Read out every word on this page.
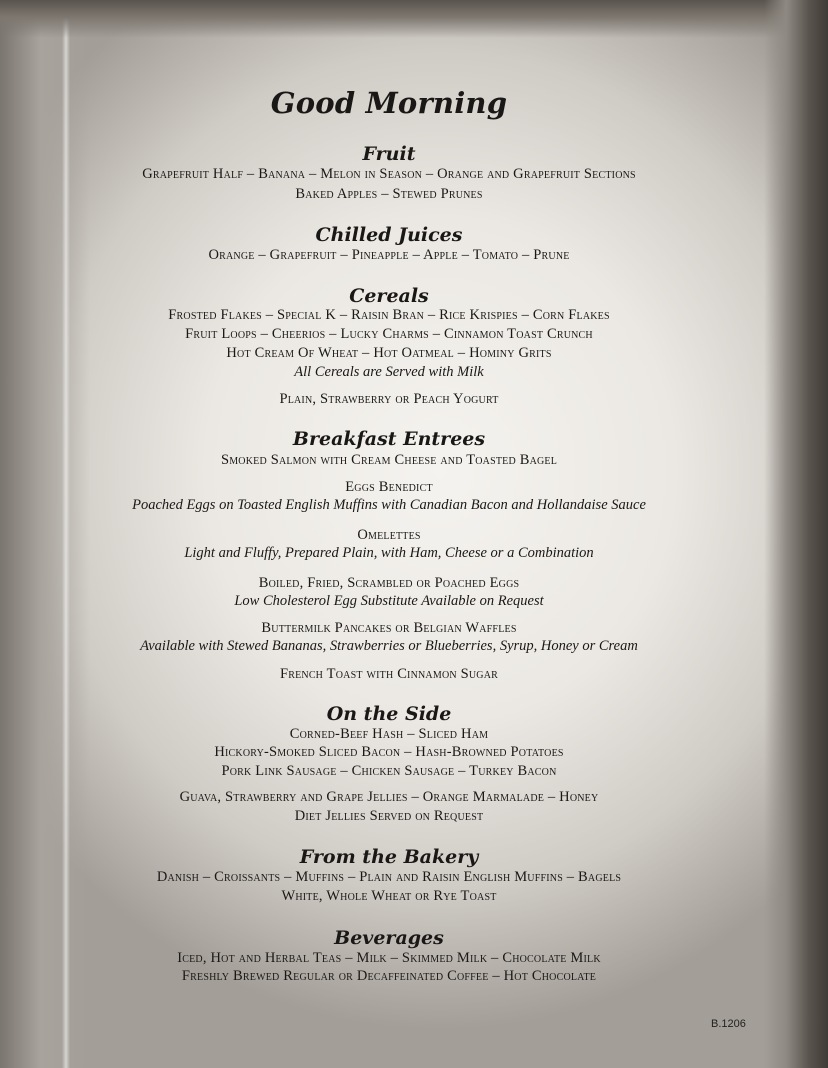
Good Morning
Fruit
Grapefruit Half – Banana – Melon in Season – Orange and Grapefruit Sections
Baked Apples – Stewed Prunes
Chilled Juices
Orange – Grapefruit – Pineapple – Apple – Tomato – Prune
Cereals
Frosted Flakes – Special K – Raisin Bran – Rice Krispies – Corn Flakes
Fruit Loops – Cheerios – Lucky Charms – Cinnamon Toast Crunch
Hot Cream Of Wheat – Hot Oatmeal – Hominy Grits
All Cereals are Served with Milk
Plain, Strawberry or Peach Yogurt
Breakfast Entrees
Smoked Salmon with Cream Cheese and Toasted Bagel
Eggs Benedict
Poached Eggs on Toasted English Muffins with Canadian Bacon and Hollandaise Sauce
Omelettes
Light and Fluffy, Prepared Plain, with Ham, Cheese or a Combination
Boiled, Fried, Scrambled or Poached Eggs
Low Cholesterol Egg Substitute Available on Request
Buttermilk Pancakes or Belgian Waffles
Available with Stewed Bananas, Strawberries or Blueberries, Syrup, Honey or Cream
French Toast with Cinnamon Sugar
On the Side
Corned-Beef Hash – Sliced Ham
Hickory-Smoked Sliced Bacon – Hash-Browned Potatoes
Pork Link Sausage – Chicken Sausage – Turkey Bacon
Guava, Strawberry and Grape Jellies – Orange Marmalade – Honey
Diet Jellies Served on Request
From the Bakery
Danish – Croissants – Muffins – Plain and Raisin English Muffins – Bagels
White, Whole Wheat or Rye Toast
Beverages
Iced, Hot and Herbal Teas – Milk – Skimmed Milk – Chocolate Milk
Freshly Brewed Regular or Decaffeinated Coffee – Hot Chocolate
B.1206
